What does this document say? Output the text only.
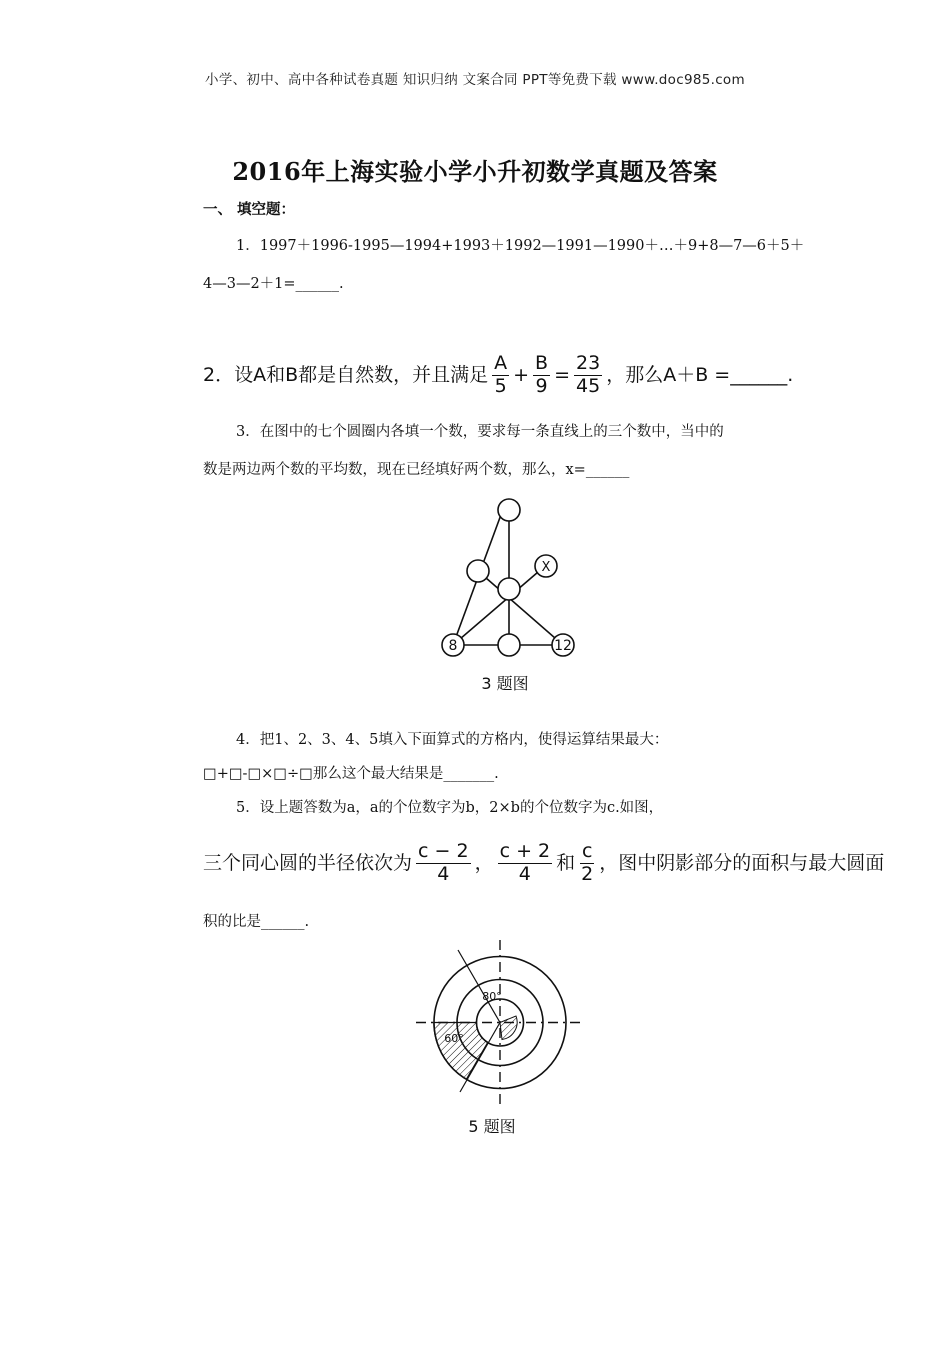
小学、初中、高中各种试卷真题 知识归纳 文案合同 PPT等免费下载 www.doc985.com
2016年上海实验小学小升初数学真题及答案
一、 填空题：
1．1997＋1996-1995—1994+1993＋1992—1991—1990＋…＋9+8—7—6＋5＋
4—3—2＋1=______.
2．设A和B都是自然数，并且满足 $\frac{A}{5} + \frac{B}{9} = \frac{23}{45}$ ，那么A＋B =______.
3．在图中的七个圆圈内各填一个数，要求每一条直线上的三个数中，当中的
数是两边两个数的平均数，现在已经填好两个数，那么，x=______
X
8	12
3 题图
4．把1、2、3、4、5填入下面算式的方格内，使得运算结果最大：
□+□-□×□÷□那么这个最大结果是_______.
5．设上题答数为a，a的个位数字为b，2×b的个位数字为c.如图，
三个同心圆的半径依次为 $\frac{c - 2}{4}$ ， $\frac{c + 2}{4}$ 和 $\frac{c}{2}$ ，图中阴影部分的面积与最大圆面
积的比是______.
80°
60°
5 题图
